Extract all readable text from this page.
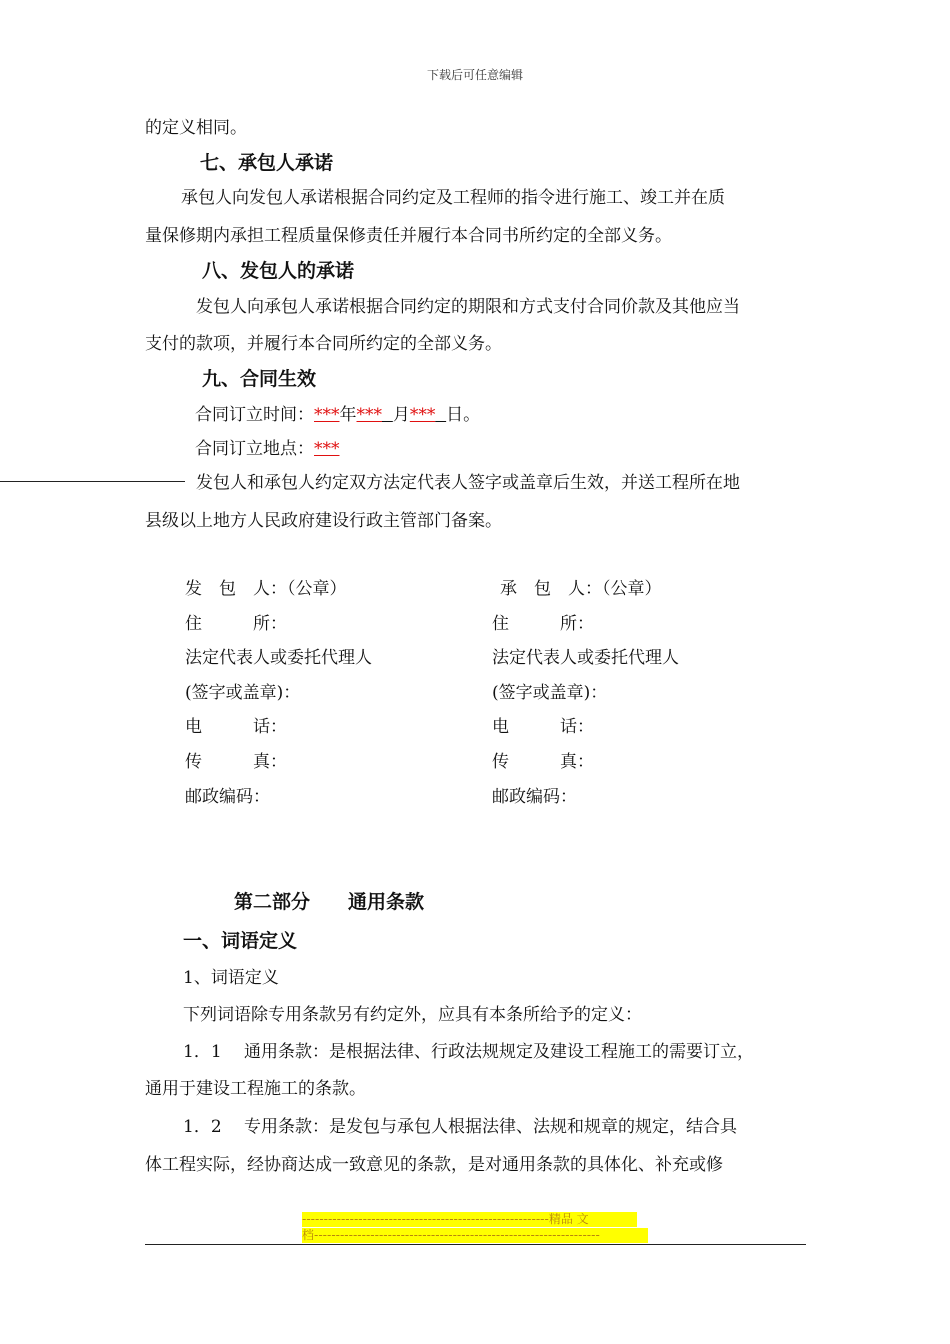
下载后可任意编辑
的定义相同。
七、承包人承诺
承包人向发包人承诺根据合同约定及工程师的指令进行施工、竣工并在质
量保修期内承担工程质量保修责任并履行本合同书所约定的全部义务。
八、发包人的承诺
发包人向承包人承诺根据合同约定的期限和方式支付合同价款及其他应当
支付的款项，并履行本合同所约定的全部义务。
九、合同生效
合同订立时间：***年***​  月***​  日。
合同订立地点：***
发包人和承包人约定双方法定代表人签字或盖章后生效，并送工程所在地
县级以上地方人民政府建设行政主管部门备案。
发　包　人：（公章）
住　　　所：
法定代表人或委托代理人
(签字或盖章)：
电　　　话：
传　　　真：
邮政编码：
承　包　人：（公章）
住　　　所：
法定代表人或委托代理人
(签字或盖章)：
电　　　话：
传　　　真：
邮政编码：
第二部分　　通用条款
一、词语定义
1、词语定义
下列词语除专用条款另有约定外，应具有本条所给予的定义：
1．1　 通用条款：是根据法律、行政法规规定及建设工程施工的需要订立，
通用于建设工程施工的条款。
1．2　 专用条款：是发包与承包人根据法律、法规和规章的规定，结合具
体工程实际，经协商达成一致意见的条款，是对通用条款的具体化、补充或修
---------------------------------------------------------精品 文
档------------------------------------------------------------------
